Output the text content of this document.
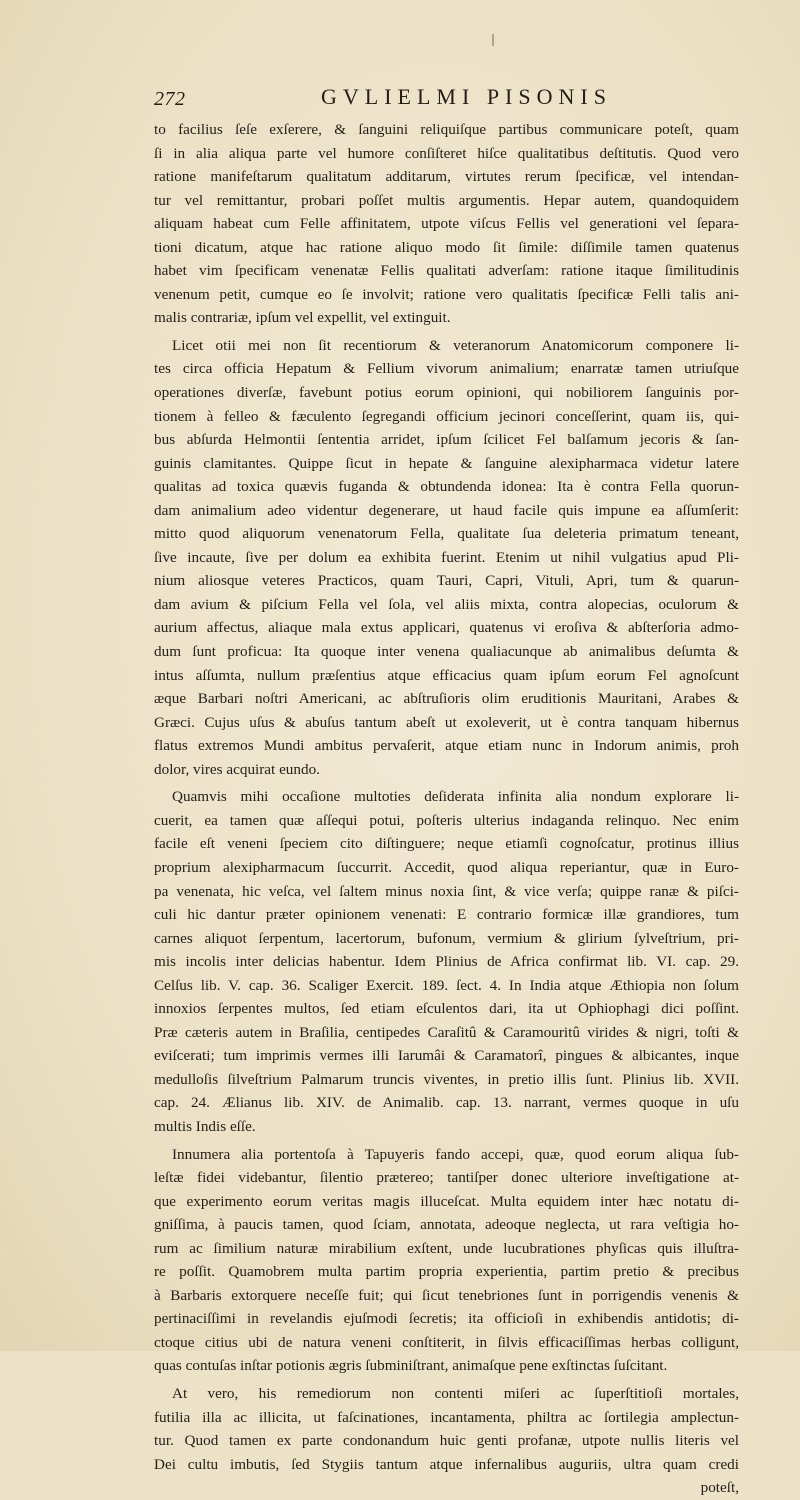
272	GVLIELMI PISONIS

to facilius ſeſe exſerere, & ſanguini reliquiſque partibus communicare poteſt, quam
ſi in alia aliqua parte vel humore conſiſteret hiſce qualitatibus deſtitutis. Quod vero
ratione manifeſtarum qualitatum additarum, virtutes rerum ſpecificæ, vel intendan-
tur vel remittantur, probari poſſet multis argumentis. Hepar autem, quandoquidem
aliquam habeat cum Felle affinitatem, utpote viſcus Fellis vel generationi vel ſepara-
tioni dicatum, atque hac ratione aliquo modo ſit ſimile: diſſimile tamen quatenus
habet vim ſpecificam venenatæ Fellis qualitati adverſam: ratione itaque ſimilitudinis
venenum petit, cumque eo ſe involvit; ratione vero qualitatis ſpecificæ Felli talis ani-
malis contrariæ, ipſum vel expellit, vel extinguit.

Licet otii mei non ſit recentiorum & veteranorum Anatomicorum componere li-
tes circa officia Hepatum & Fellium vivorum animalium; enarratæ tamen utriuſque
operationes diverſæ, favebunt potius eorum opinioni, qui nobiliorem ſanguinis por-
tionem à felleo & fæculento ſegregandi officium jecinori conceſſerint, quam iis, qui-
bus abſurda Helmontii ſententia arridet, ipſum ſcilicet Fel balſamum jecoris & ſan-
guinis clamitantes. Quippe ſicut in hepate & ſanguine alexipharmaca videtur latere
qualitas ad toxica quævis fuganda & obtundenda idonea: Ita è contra Fella quorun-
dam animalium adeo videntur degenerare, ut haud facile quis impune ea aſſumſerit:
mitto quod aliquorum venenatorum Fella, qualitate ſua deleteria primatum teneant,
ſive incaute, ſive per dolum ea exhibita fuerint. Etenim ut nihil vulgatius apud Pli-
nium aliosque veteres Practicos, quam Tauri, Capri, Vituli, Apri, tum & quarun-
dam avium & piſcium Fella vel ſola, vel aliis mixta, contra alopecias, oculorum &
aurium affectus, aliaque mala extus applicari, quatenus vi eroſiva & abſterſoria admo-
dum ſunt proficua: Ita quoque inter venena qualiacunque ab animalibus deſumta &
intus aſſumta, nullum præſentius atque efficacius quam ipſum eorum Fel agnoſcunt
æque Barbari noſtri Americani, ac abſtruſioris olim eruditionis Mauritani, Arabes &
Græci. Cujus uſus & abuſus tantum abeſt ut exoleverit, ut è contra tanquam hibernus
flatus extremos Mundi ambitus pervaſerit, atque etiam nunc in Indorum animis, proh
dolor, vires acquirat eundo.

Quamvis mihi occaſione multoties deſiderata infinita alia nondum explorare li-
cuerit, ea tamen quæ aſſequi potui, poſteris ulterius indaganda relinquo. Nec enim
facile eſt veneni ſpeciem cito diſtinguere; neque etiamſi cognoſcatur, protinus illius
proprium alexipharmacum ſuccurrit. Accedit, quod aliqua reperiantur, quæ in Euro-
pa venenata, hic veſca, vel ſaltem minus noxia ſint, & vice verſa; quippe ranæ & piſci-
culi hic dantur præter opinionem venenati: E contrario formicæ illæ grandiores, tum
carnes aliquot ſerpentum, lacertorum, bufonum, vermium & glirium ſylveſtrium, pri-
mis incolis inter delicias habentur. Idem Plinius de Africa confirmat lib. VI. cap. 29.
Celſus lib. V. cap. 36. Scaliger Exercit. 189. ſect. 4. In India atque Æthiopia non ſolum
innoxios ſerpentes multos, ſed etiam eſculentos dari, ita ut Ophiophagi dici poſſint.
Præ cæteris autem in Braſilia, centipedes Caraſitû & Caramouritû virides & nigri, toſti &
eviſcerati; tum imprimis vermes illi Iarumâi & Caramatorî, pingues & albicantes, inque
medulloſis ſilveſtrium Palmarum truncis viventes, in pretio illis ſunt. Plinius lib. XVII.
cap. 24. Ælianus lib. XIV. de Animalib. cap. 13. narrant, vermes quoque in uſu
multis Indis eſſe.

Innumera alia portentoſa à Tapuyeris fando accepi, quæ, quod eorum aliqua ſub-
leſtæ fidei videbantur, ſilentio prætereo; tantiſper donec ulteriore inveſtigatione at-
que experimento eorum veritas magis illuceſcat. Multa equidem inter hæc notatu di-
gniſſima, à paucis tamen, quod ſciam, annotata, adeoque neglecta, ut rara veſtigia ho-
rum ac ſimilium naturæ mirabilium exſtent, unde lucubrationes phyſicas quis illuſtra-
re poſſit. Quamobrem multa partim propria experientia, partim pretio & precibus
à Barbaris extorquere neceſſe fuit; qui ſicut tenebriones ſunt in porrigendis venenis &
pertinaciſſimi in revelandis ejuſmodi ſecretis; ita officioſi in exhibendis antidotis; di-
ctoque citius ubi de natura veneni conſtiterit, in ſilvis efficaciſſimas herbas colligunt,
quas contuſas inſtar potionis ægris ſubminiſtrant, animaſque pene exſtinctas ſuſcitant.

At vero, his remediorum non contenti miſeri ac ſuperſtitioſi mortales,
futilia illa ac illicita, ut faſcinationes, incantamenta, philtra ac ſortilegia amplectun-
tur. Quod tamen ex parte condonandum huic genti profanæ, utpote nullis literis vel
Dei cultu imbutis, ſed Stygiis tantum atque infernalibus auguriis, ultra quam credi
poteſt,
